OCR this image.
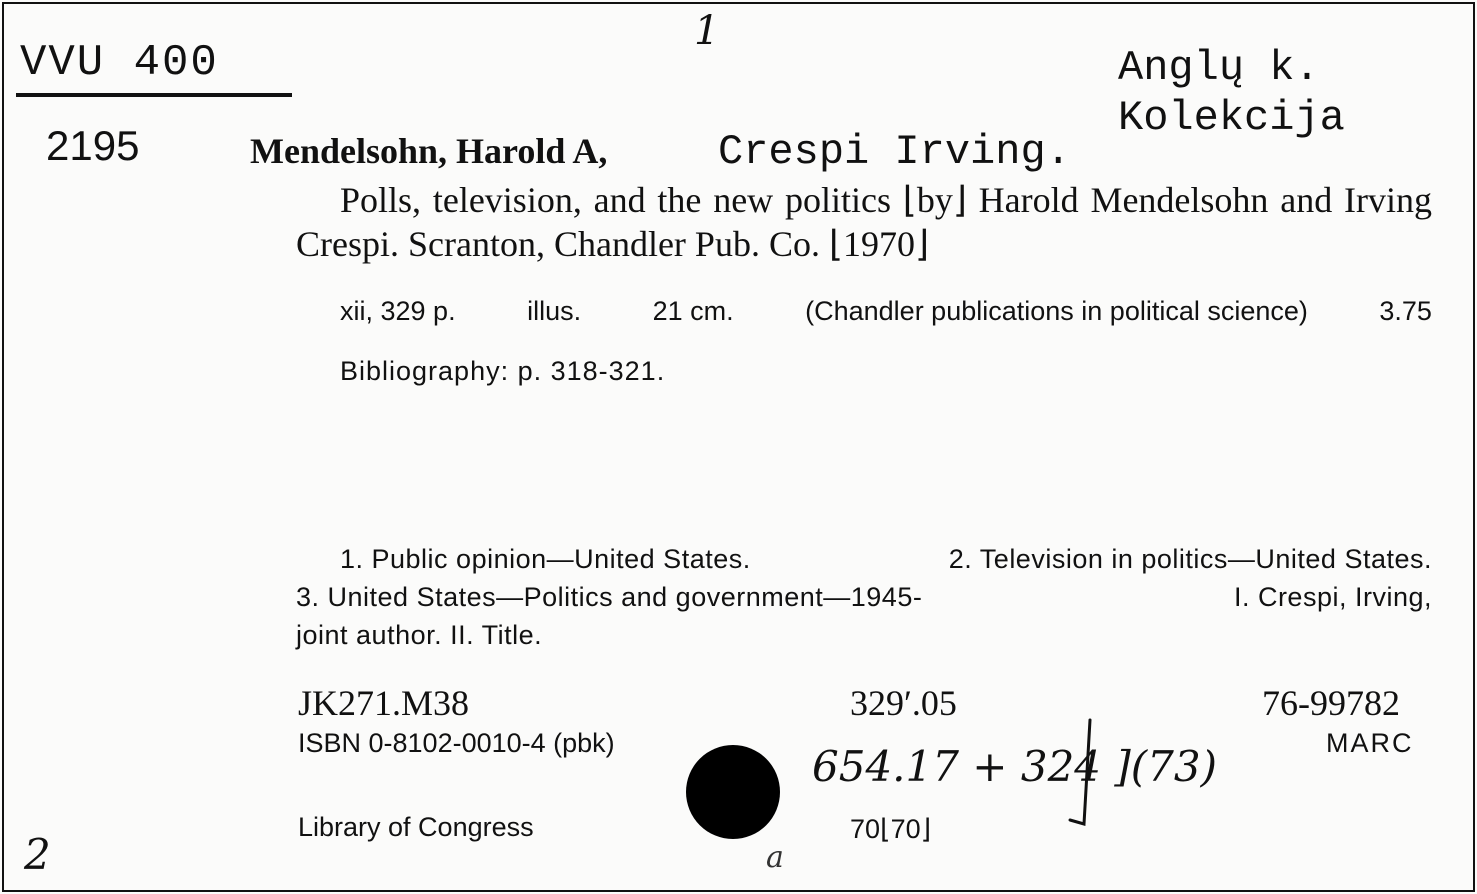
VVU 400
1
Anglų k.
Kolekcija
2195	Mendelsohn, Harold A,	Crespi Irving.
Polls, television, and the new politics ⌊by⌋ Harold Mendelsohn and Irving Crespi. Scranton, Chandler Pub. Co. ⌊1970⌋
xii, 329 p.	illus.	21 cm.	(Chandler publications in political science)	3.75
Bibliography: p. 318-321.
1. Public opinion—United States.	2. Television in politics—United States.
3. United States—Politics and government—1945-	I. Crespi, Irving,
joint author. II. Title.
JK271.M38	329′.05	76-99782
ISBN 0-8102-0010-4 (pbk)	MARC
654.17 + 324 ](73)
Library of Congress	70⌊70⌋
2	a
